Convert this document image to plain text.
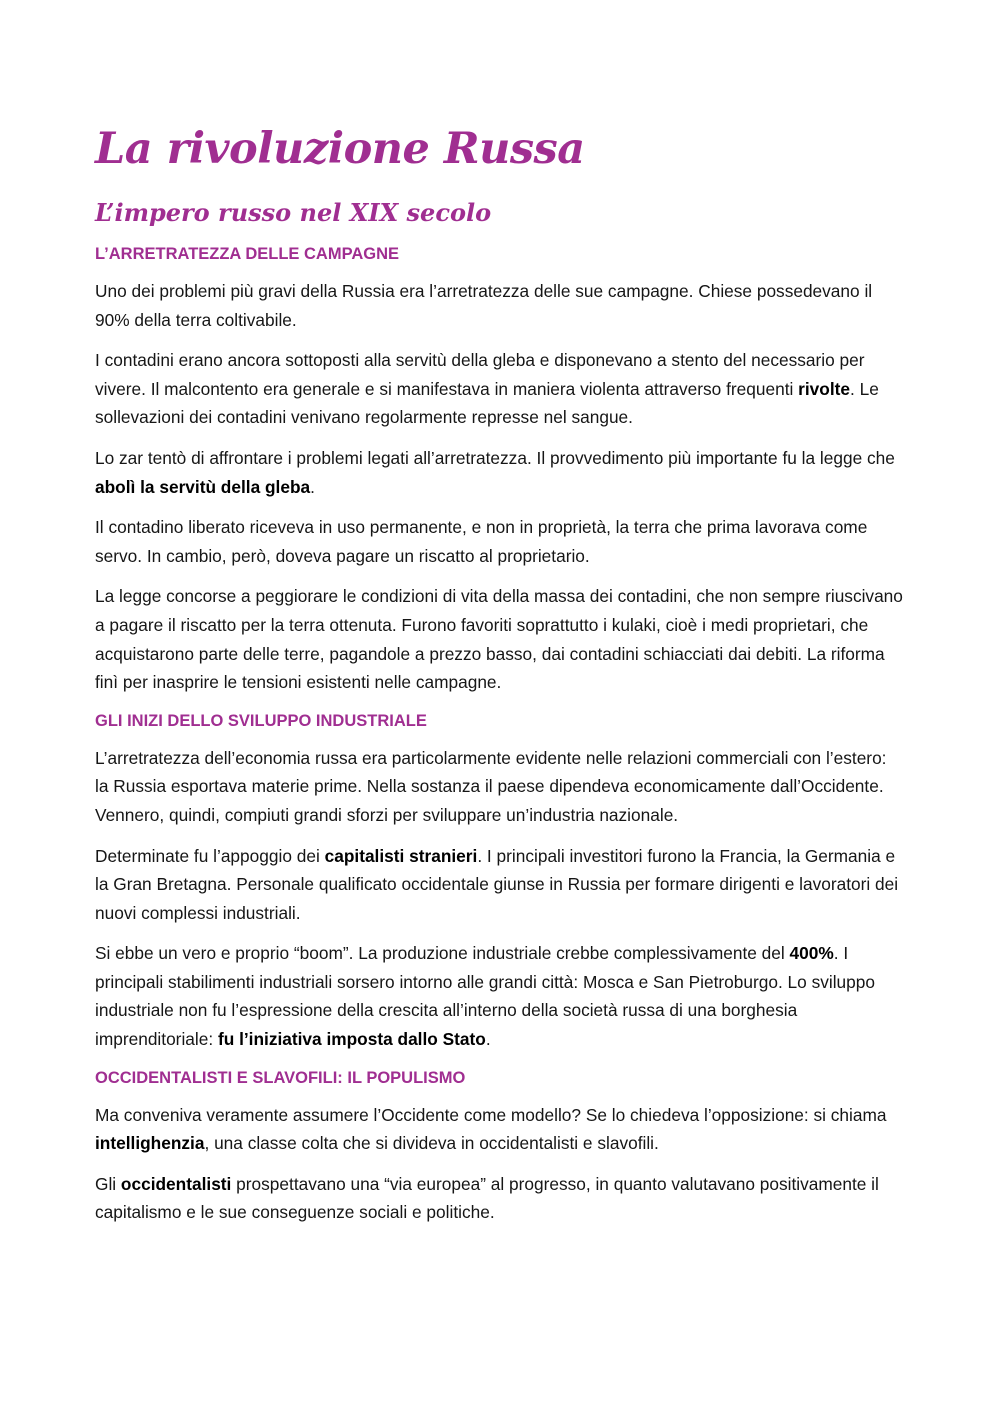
La rivoluzione Russa
L’impero russo nel XIX secolo
L’ARRETRATEZZA DELLE CAMPAGNE

Uno dei problemi più gravi della Russia era l’arretratezza delle sue campagne. Chiese possedevano il 90% della terra coltivabile.

I contadini erano ancora sottoposti alla servitù della gleba e disponevano a stento del necessario per vivere. Il malcontento era generale e si manifestava in maniera violenta attraverso frequenti rivolte. Le sollevazioni dei contadini venivano regolarmente represse nel sangue.

Lo zar tentò di affrontare i problemi legati all’arretratezza. Il provvedimento più importante fu la legge che abolì la servitù della gleba.

Il contadino liberato riceveva in uso permanente, e non in proprietà, la terra che prima lavorava come servo. In cambio, però, doveva pagare un riscatto al proprietario.

La legge concorse a peggiorare le condizioni di vita della massa dei contadini, che non sempre riuscivano a pagare il riscatto per la terra ottenuta. Furono favoriti soprattutto i kulaki, cioè i medi proprietari, che acquistarono parte delle terre, pagandole a prezzo basso, dai contadini schiacciati dai debiti. La riforma finì per inasprire le tensioni esistenti nelle campagne.

GLI INIZI DELLO SVILUPPO INDUSTRIALE

L’arretratezza dell’economia russa era particolarmente evidente nelle relazioni commerciali con l’estero: la Russia esportava materie prime. Nella sostanza il paese dipendeva economicamente dall’Occidente. Vennero, quindi, compiuti grandi sforzi per sviluppare un’industria nazionale.

Determinate fu l’appoggio dei capitalisti stranieri. I principali investitori furono la Francia, la Germania e la Gran Bretagna. Personale qualificato occidentale giunse in Russia per formare dirigenti e lavoratori dei nuovi complessi industriali.

Si ebbe un vero e proprio “boom”. La produzione industriale crebbe complessivamente del 400%. I principali stabilimenti industriali sorsero intorno alle grandi città: Mosca e San Pietroburgo. Lo sviluppo industriale non fu l’espressione della crescita all’interno della società russa di una borghesia imprenditoriale: fu l’iniziativa imposta dallo Stato.

OCCIDENTALISTI E SLAVOFILI: IL POPULISMO

Ma conveniva veramente assumere l’Occidente come modello? Se lo chiedeva l’opposizione: si chiama intellighenzia, una classe colta che si divideva in occidentalisti e slavofili.

Gli occidentalisti prospettavano una “via europea” al progresso, in quanto valutavano positivamente il capitalismo e le sue conseguenze sociali e politiche.
